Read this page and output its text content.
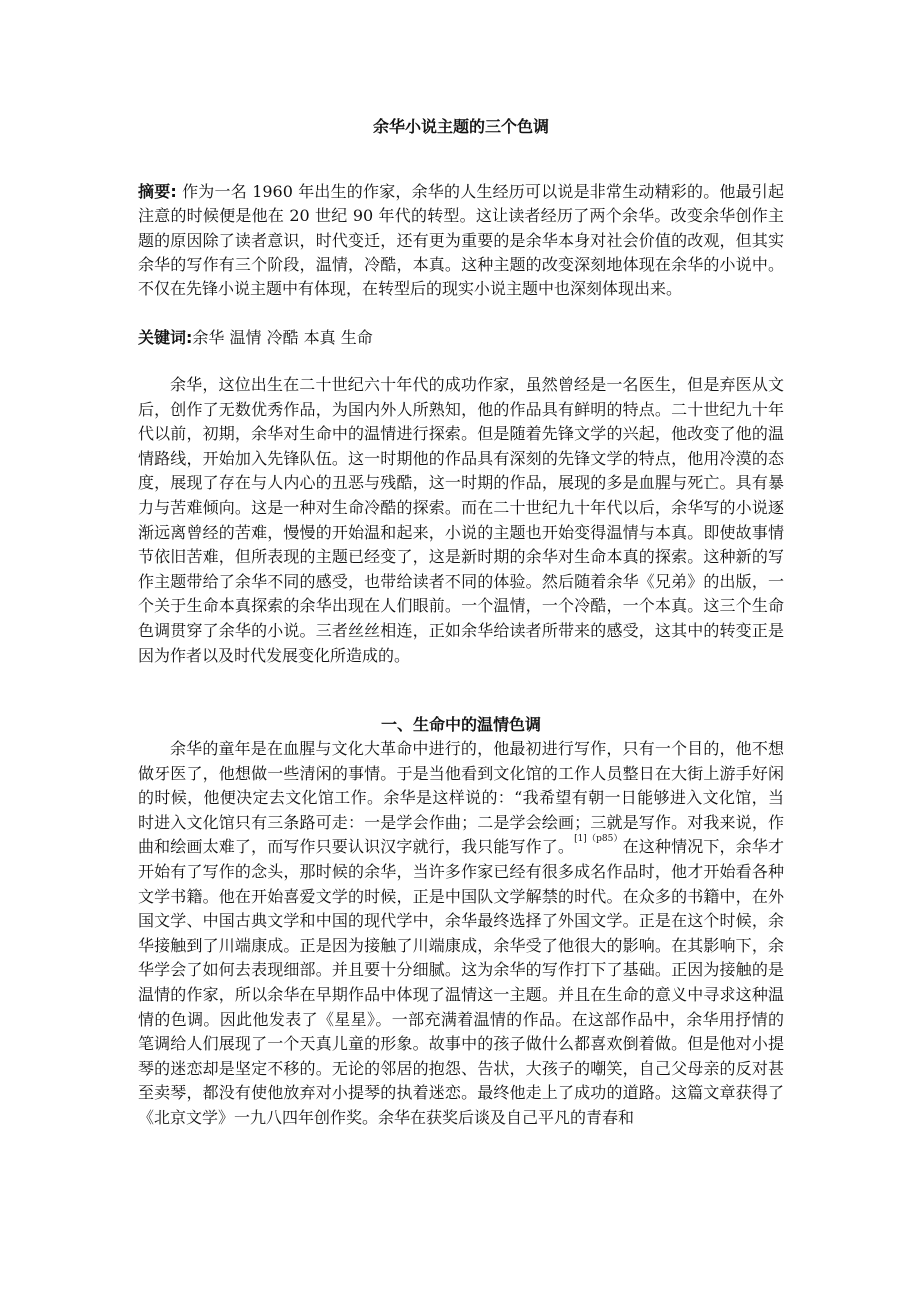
余华小说主题的三个色调

摘要: 作为一名 1960 年出生的作家，余华的人生经历可以说是非常生动精彩的。他最引起注意的时候便是他在 20 世纪 90 年代的转型。这让读者经历了两个余华。改变余华创作主题的原因除了读者意识，时代变迁，还有更为重要的是余华本身对社会价值的改观，但其实余华的写作有三个阶段，温情，冷酷，本真。这种主题的改变深刻地体现在余华的小说中。不仅在先锋小说主题中有体现，在转型后的现实小说主题中也深刻体现出来。

关键词:余华 温情 冷酷 本真 生命

余华，这位出生在二十世纪六十年代的成功作家，虽然曾经是一名医生，但是弃医从文后，创作了无数优秀作品，为国内外人所熟知，他的作品具有鲜明的特点。二十世纪九十年代以前，初期，余华对生命中的温情进行探索。但是随着先锋文学的兴起，他改变了他的温情路线，开始加入先锋队伍。这一时期他的作品具有深刻的先锋文学的特点，他用冷漠的态度，展现了存在与人内心的丑恶与残酷，这一时期的作品，展现的多是血腥与死亡。具有暴力与苦难倾向。这是一种对生命冷酷的探索。而在二十世纪九十年代以后，余华写的小说逐渐远离曾经的苦难，慢慢的开始温和起来，小说的主题也开始变得温情与本真。即使故事情节依旧苦难，但所表现的主题已经变了，这是新时期的余华对生命本真的探索。这种新的写作主题带给了余华不同的感受，也带给读者不同的体验。然后随着余华《兄弟》的出版，一个关于生命本真探索的余华出现在人们眼前。一个温情，一个冷酷，一个本真。这三个生命色调贯穿了余华的小说。三者丝丝相连，正如余华给读者所带来的感受，这其中的转变正是因为作者以及时代发展变化所造成的。

一、生命中的温情色调

余华的童年是在血腥与文化大革命中进行的，他最初进行写作，只有一个目的，他不想做牙医了，他想做一些清闲的事情。于是当他看到文化馆的工作人员整日在大街上游手好闲的时候，他便决定去文化馆工作。余华是这样说的：“我希望有朝一日能够进入文化馆，当时进入文化馆只有三条路可走：一是学会作曲；二是学会绘画；三就是写作。对我来说，作曲和绘画太难了，而写作只要认识汉字就行，我只能写作了。$^{[1](p85)}$在这种情况下，余华才开始有了写作的念头，那时候的余华，当许多作家已经有很多成名作品时，他才开始看各种文学书籍。他在开始喜爱文学的时候，正是中国队文学解禁的时代。在众多的书籍中，在外国文学、中国古典文学和中国的现代学中，余华最终选择了外国文学。正是在这个时候，余华接触到了川端康成。正是因为接触了川端康成，余华受了他很大的影响。在其影响下，余华学会了如何去表现细部。并且要十分细腻。这为余华的写作打下了基础。正因为接触的是温情的作家，所以余华在早期作品中体现了温情这一主题。并且在生命的意义中寻求这种温情的色调。因此他发表了《星星》。一部充满着温情的作品。在这部作品中，余华用抒情的笔调给人们展现了一个天真儿童的形象。故事中的孩子做什么都喜欢倒着做。但是他对小提琴的迷恋却是坚定不移的。无论的邻居的抱怨、告状，大孩子的嘲笑，自己父母亲的反对甚至卖琴，都没有使他放弃对小提琴的执着迷恋。最终他走上了成功的道路。这篇文章获得了《北京文学》一九八四年创作奖。余华在获奖后谈及自己平凡的青春和
